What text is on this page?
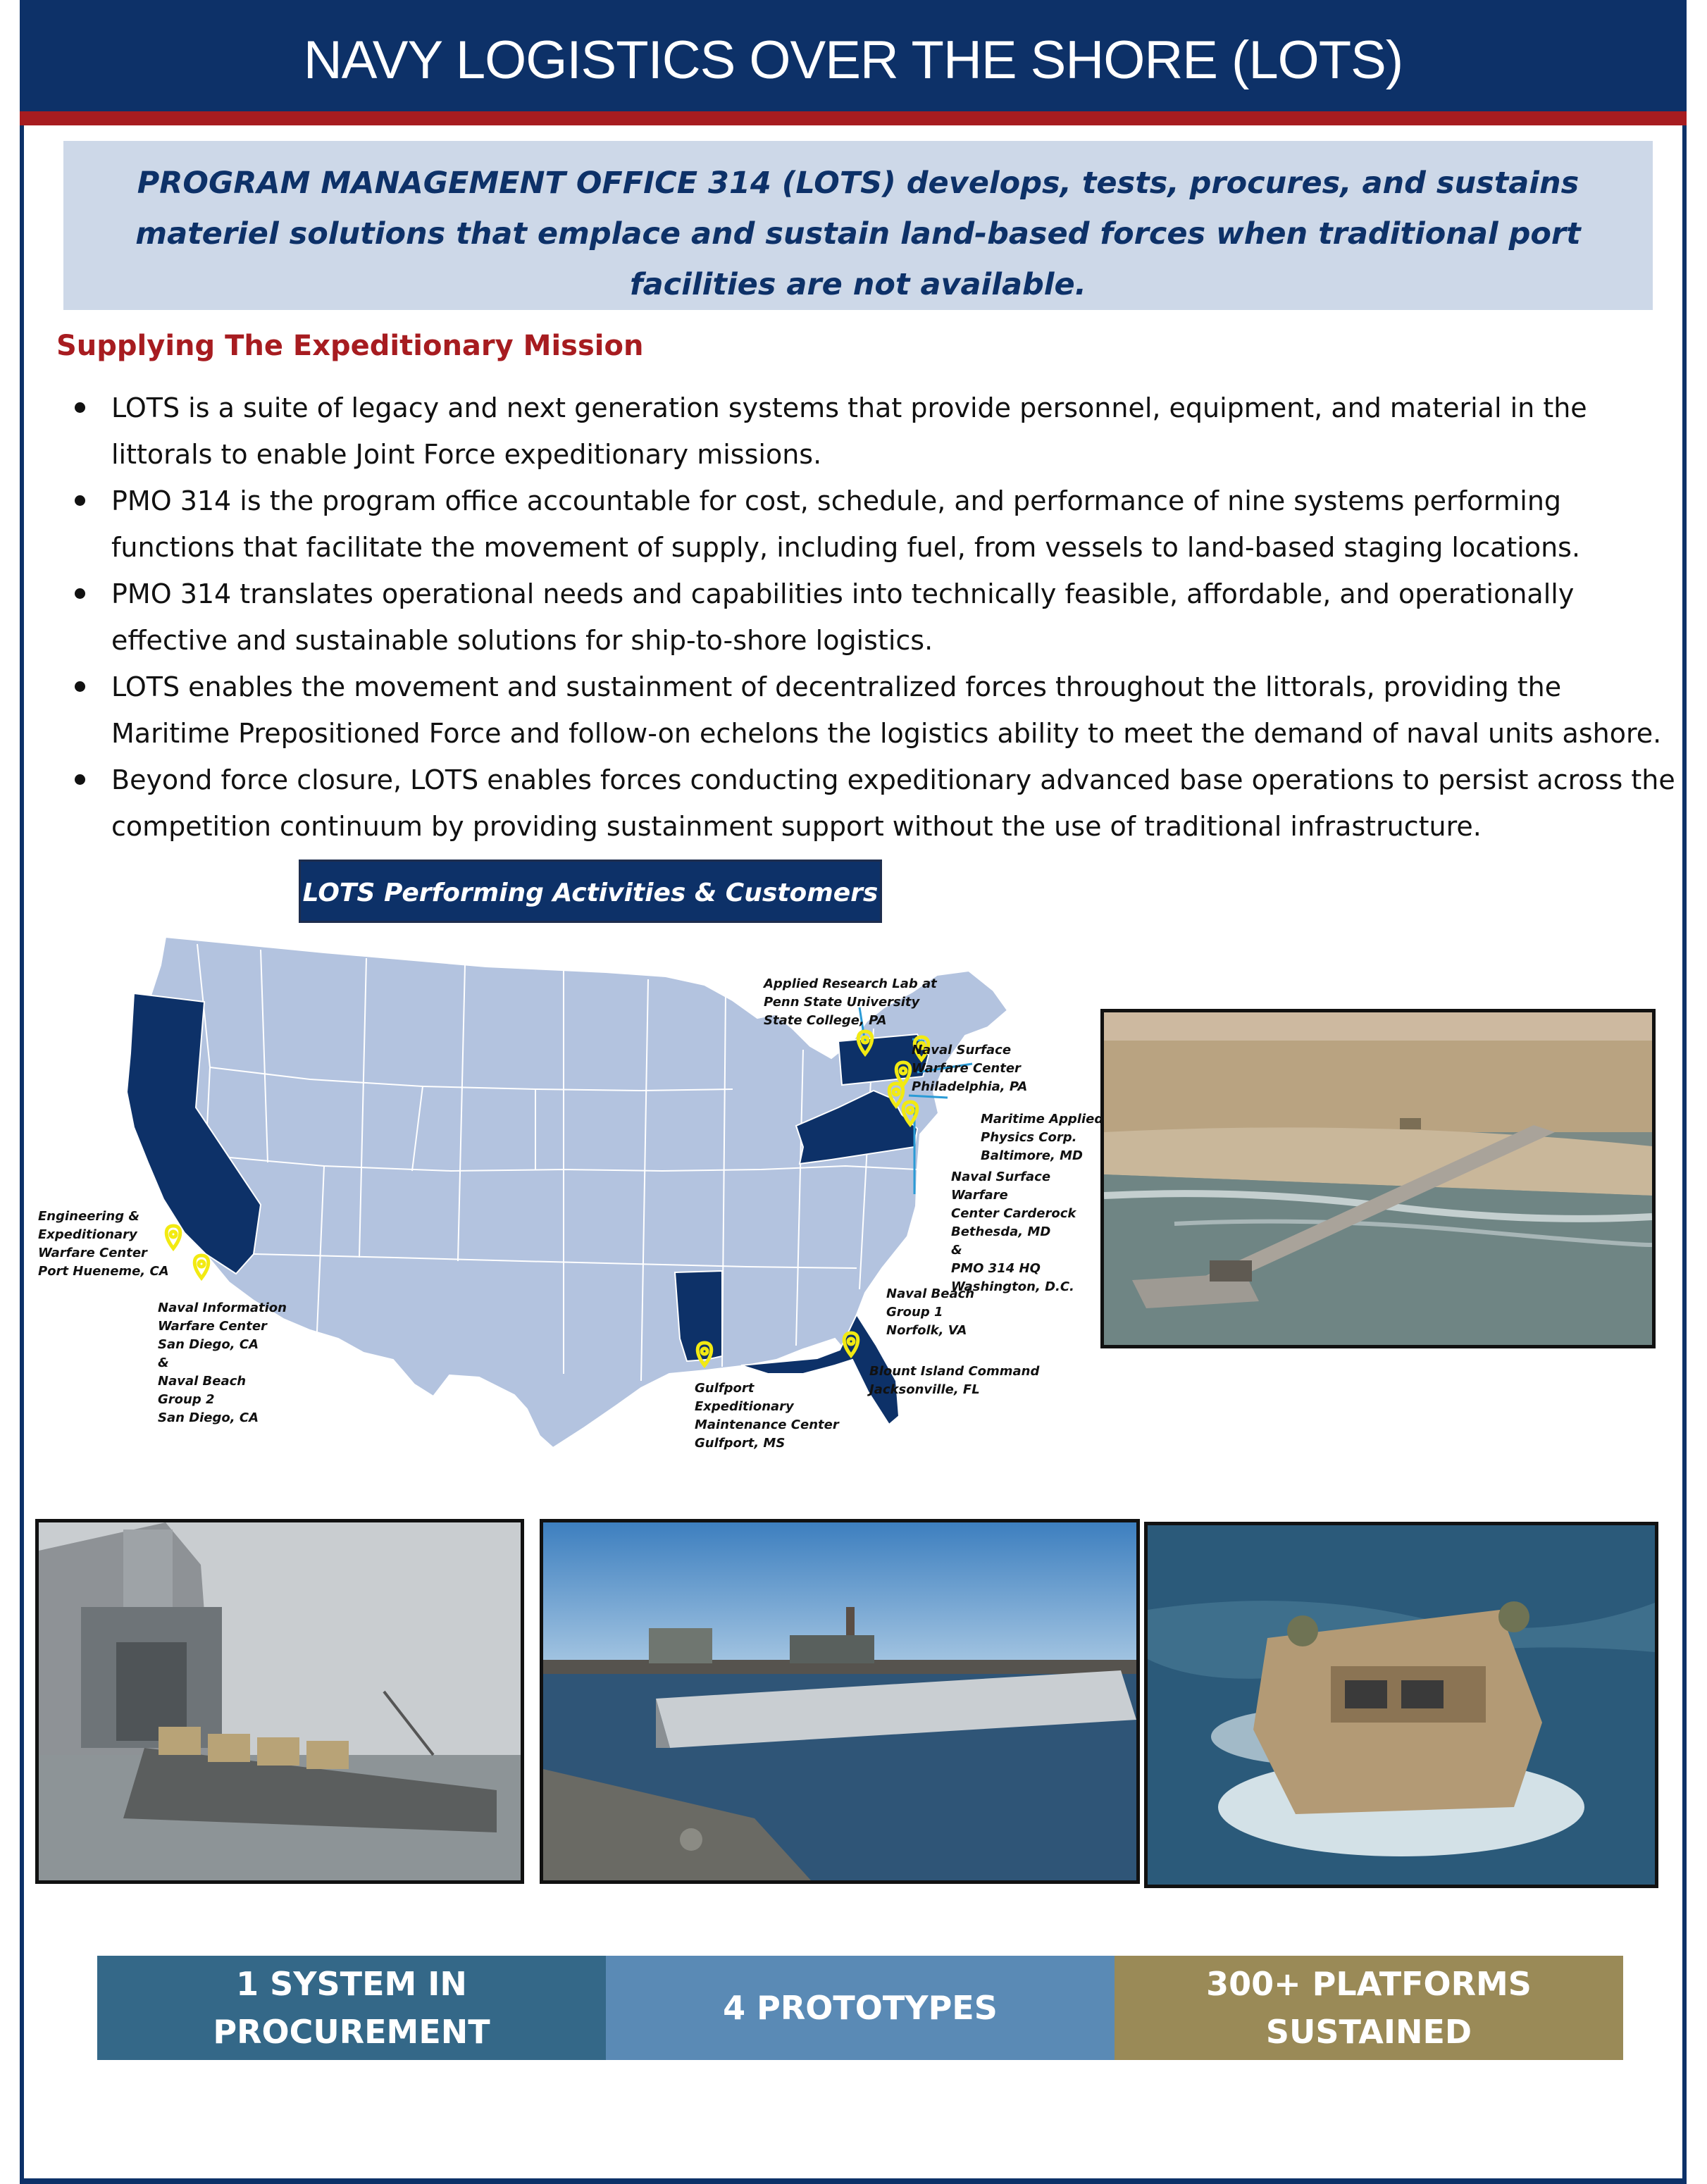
NAVY LOGISTICS OVER THE SHORE (LOTS)
PROGRAM MANAGEMENT OFFICE 314 (LOTS) develops, tests, procures, and sustains materiel solutions that emplace and sustain land-based forces when traditional port facilities are not available.
Supplying The Expeditionary Mission
LOTS is a suite of legacy and next generation systems that provide personnel, equipment, and material in the littorals to enable Joint Force expeditionary missions.
PMO 314 is the program office accountable for cost, schedule, and performance of nine systems performing functions that facilitate the movement of supply, including fuel, from vessels to land-based staging locations.
PMO 314 translates operational needs and capabilities into technically feasible, affordable, and operationally effective and sustainable solutions for ship-to-shore logistics.
LOTS enables the movement and sustainment of decentralized forces throughout the littorals, providing the Maritime Prepositioned Force and follow-on echelons the logistics ability to meet the demand of naval units ashore.
Beyond force closure, LOTS enables forces conducting expeditionary advanced base operations to persist across the competition continuum by providing sustainment support without the use of traditional infrastructure.
LOTS Performing Activities & Customers
Applied Research Lab at
Penn State University
State College, PA
Naval Surface
Warfare Center
Philadelphia, PA
Maritime Applied
Physics Corp.
Baltimore, MD
Naval Surface Warfare
Center Carderock
Bethesda, MD
&
PMO 314 HQ
Washington, D.C.
Naval Beach
Group 1
Norfolk, VA
Blount Island Command
Jacksonville, FL
Gulfport
Expeditionary
Maintenance Center
Gulfport, MS
Engineering &
Expeditionary
Warfare Center
Port Hueneme, CA
Naval Information
Warfare Center
San Diego, CA
&
Naval Beach
Group 2
San Diego, CA
1 SYSTEM IN
PROCUREMENT
4 PROTOTYPES
300+ PLATFORMS
SUSTAINED
